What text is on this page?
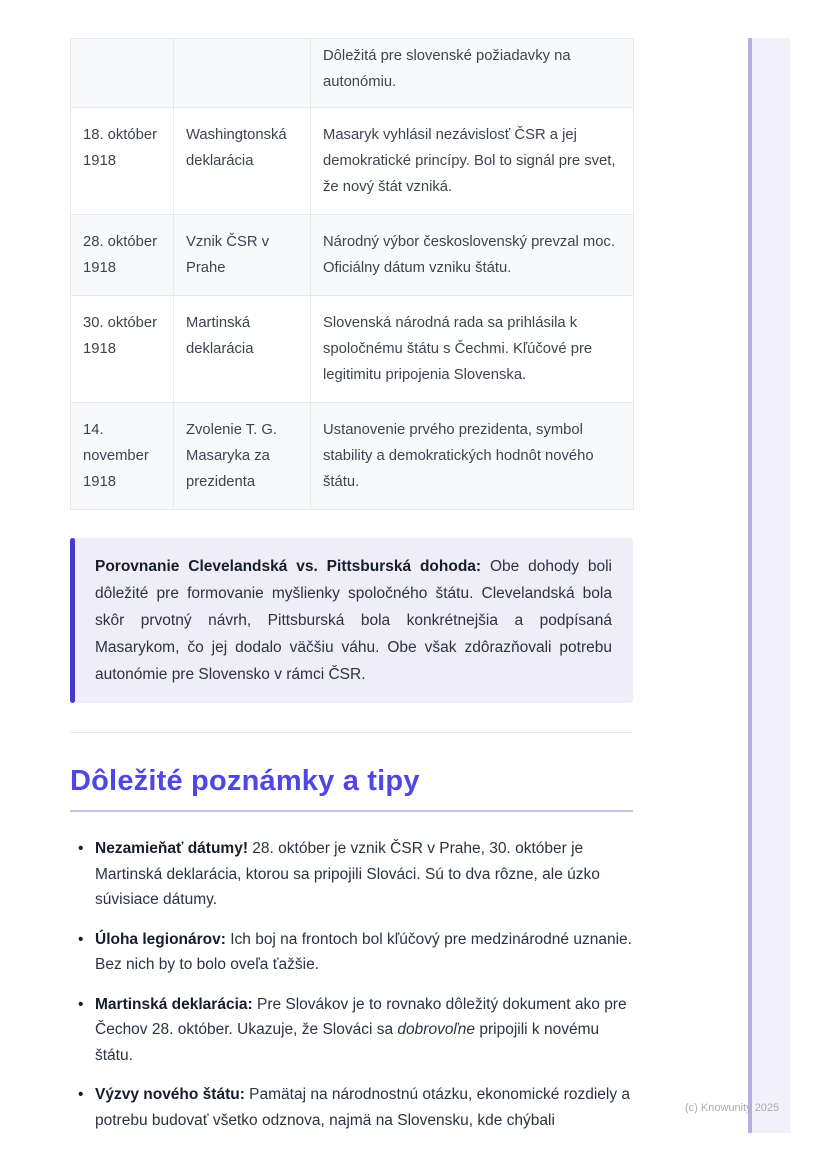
		Dôležitá pre slovenské požiadavky na autonómiu.
18. október 1918	Washingtonská deklarácia	Masaryk vyhlásil nezávislosť ČSR a jej demokratické princípy. Bol to signál pre svet, že nový štát vzniká.
28. október 1918	Vznik ČSR v Prahe	Národný výbor československý prevzal moc. Oficiálny dátum vzniku štátu.
30. október 1918	Martinská deklarácia	Slovenská národná rada sa prihlásila k spoločnému štátu s Čechmi. Kľúčové pre legitimitu pripojenia Slovenska.
14. november 1918	Zvolenie T. G. Masaryka za prezidenta	Ustanovenie prvého prezidenta, symbol stability a demokratických hodnôt nového štátu.

Porovnanie Clevelandská vs. Pittsburská dohoda: Obe dohody boli dôležité pre formovanie myšlienky spoločného štátu. Clevelandská bola skôr prvotný návrh, Pittsburská bola konkrétnejšia a podpísaná Masarykom, čo jej dodalo väčšiu váhu. Obe však zdôrazňovali potrebu autonómie pre Slovensko v rámci ČSR.

Dôležité poznámky a tipy
• Nezamieňať dátumy! 28. október je vznik ČSR v Prahe, 30. október je Martinská deklarácia, ktorou sa pripojili Slováci. Sú to dva rôzne, ale úzko súvisiace dátumy.
• Úloha legionárov: Ich boj na frontoch bol kľúčový pre medzinárodné uznanie. Bez nich by to bolo oveľa ťažšie.
• Martinská deklarácia: Pre Slovákov je to rovnako dôležitý dokument ako pre Čechov 28. október. Ukazuje, že Slováci sa dobrovoľne pripojili k novému štátu.
• Výzvy nového štátu: Pamätaj na národnostnú otázku, ekonomické rozdiely a potrebu budovať všetko odznova, najmä na Slovensku, kde chýbali
(c) Knowunity 2025
